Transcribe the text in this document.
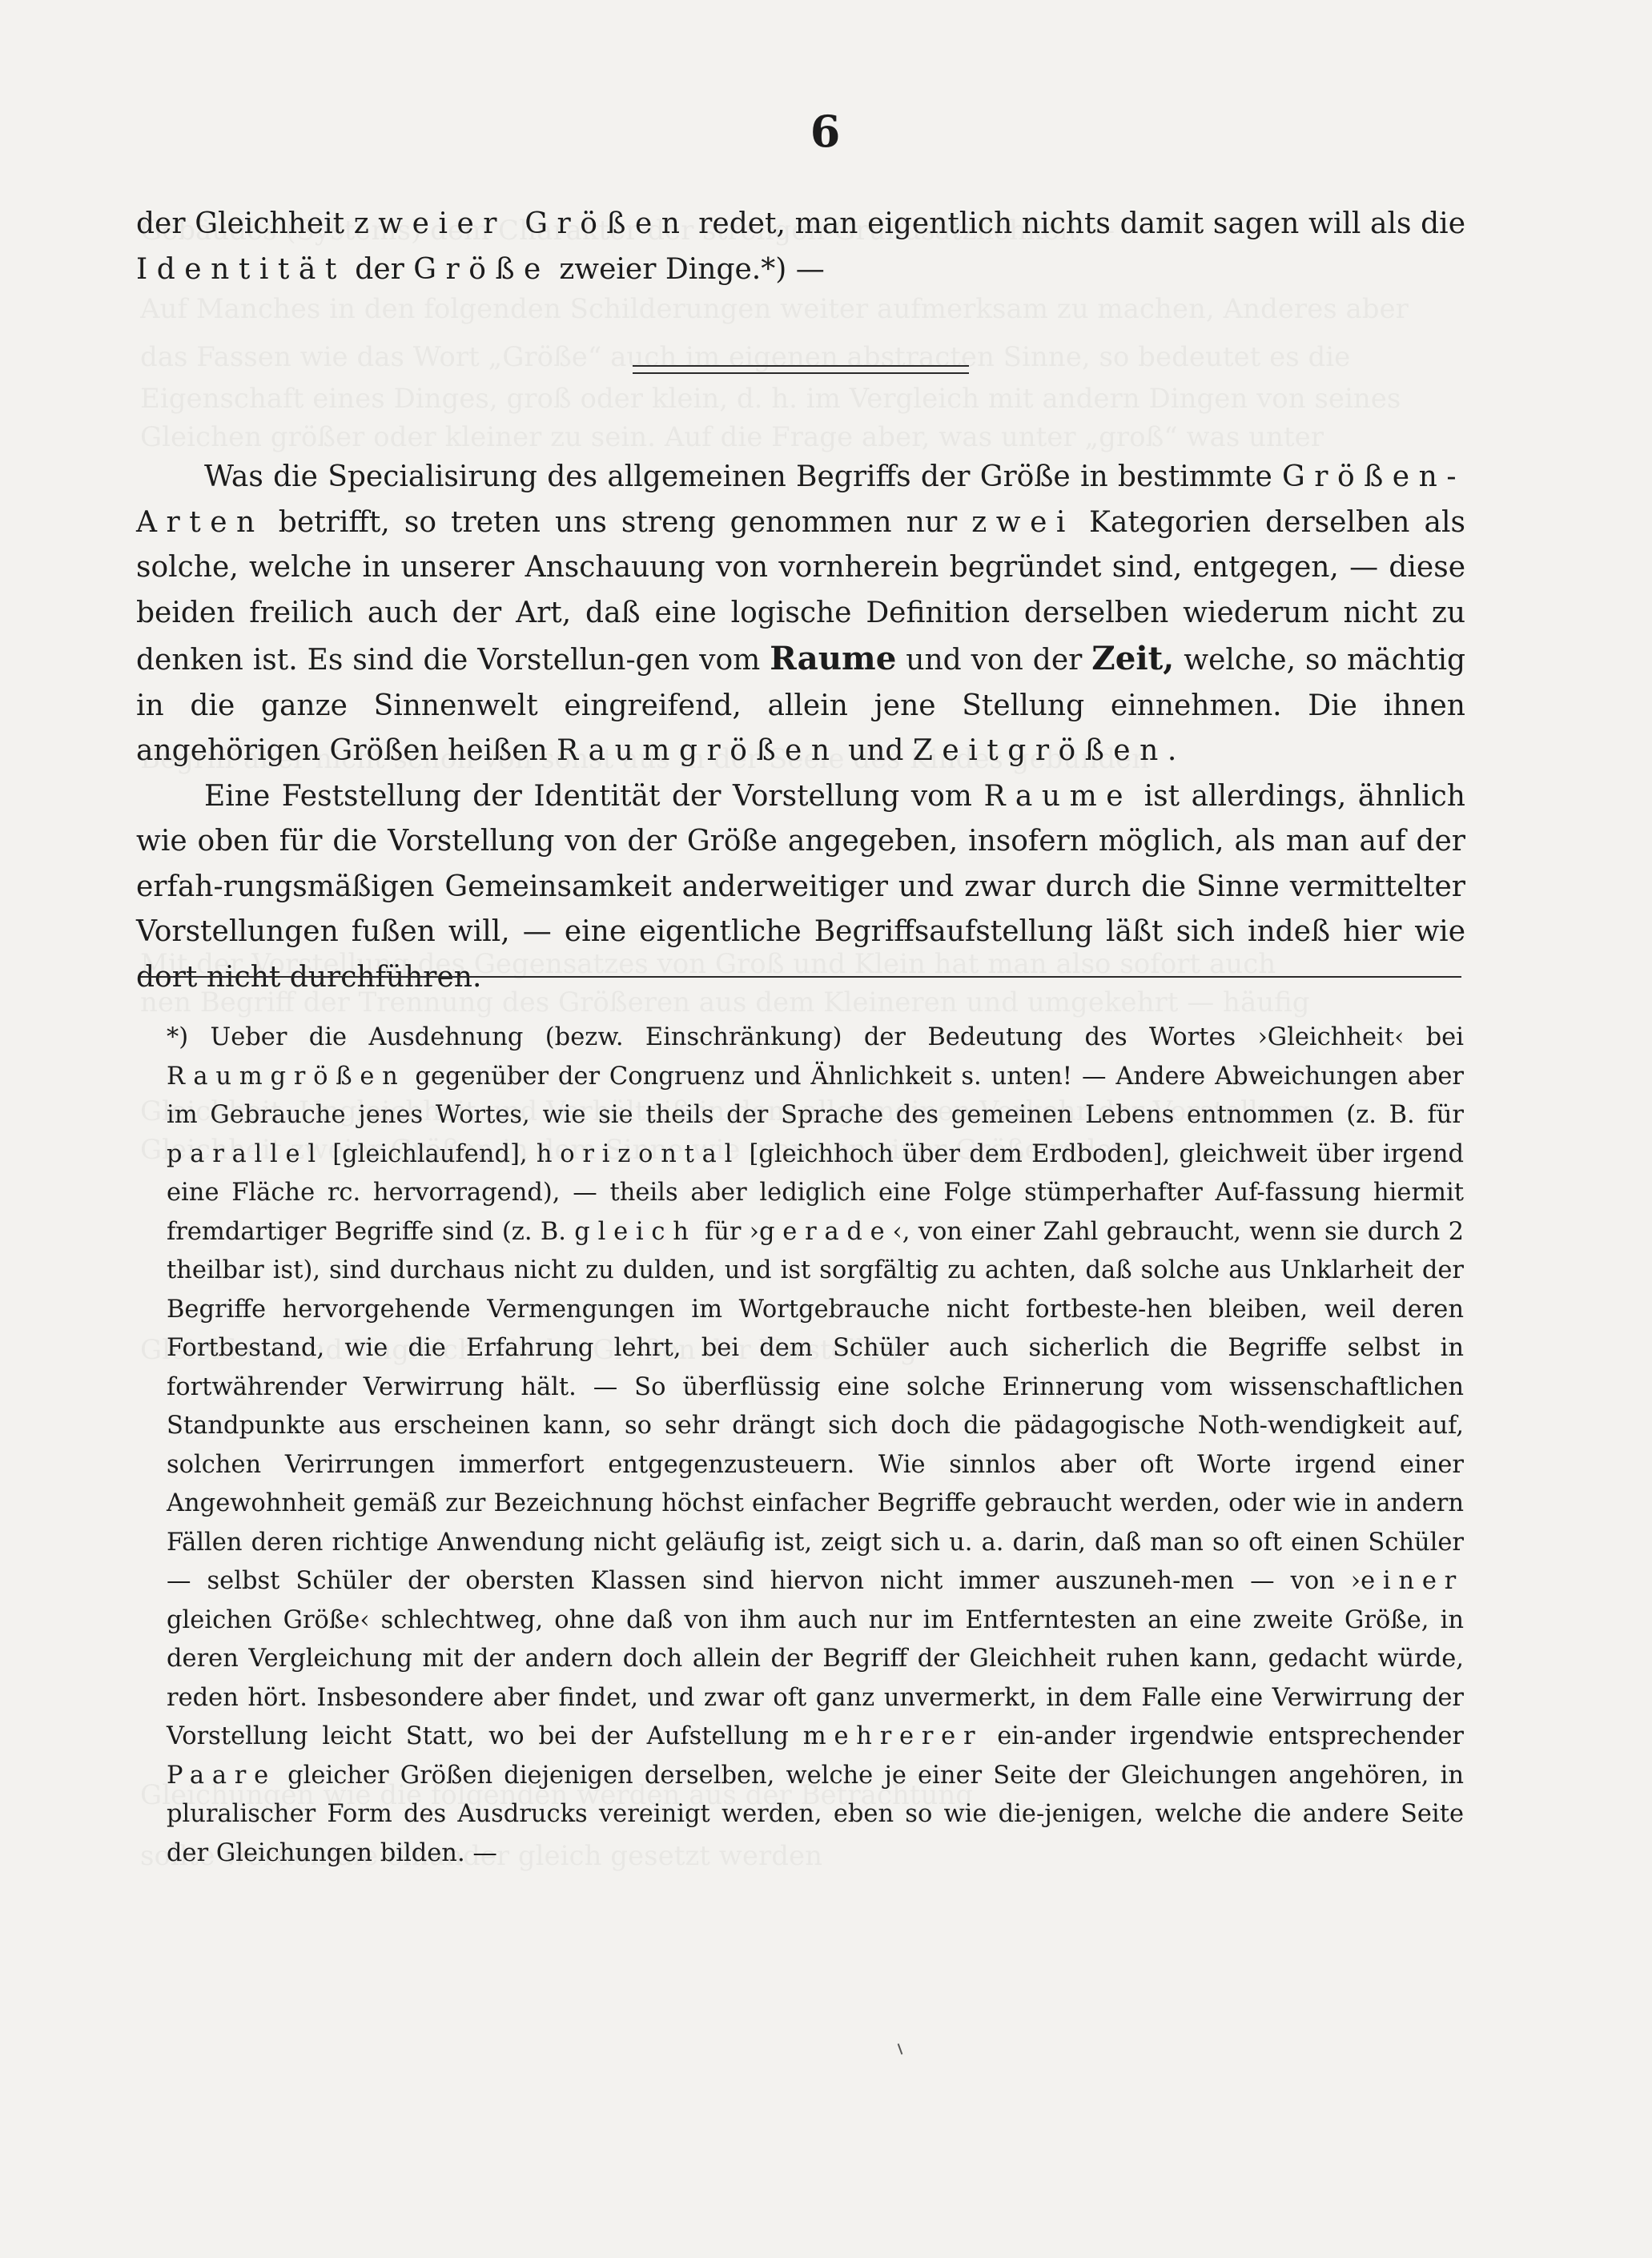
6

der Gleichheit zweier Größen redet, man eigentlich nichts damit sagen will als die Identität der Größe zweier Dinge.*) —

Was die Specialisirung des allgemeinen Begriffs der Größe in bestimmte Größen-Arten betrifft, so treten uns streng genommen nur zwei Kategorien derselben als solche, welche in unserer Anschauung von vornherein begründet sind, entgegen, — diese beiden freilich auch der Art, daß eine logische Definition derselben wiederum nicht zu denken ist. Es sind die Vorstellun-gen vom Raume und von der Zeit, welche, so mächtig in die ganze Sinnenwelt eingreifend, allein jene Stellung einnehmen. Die ihnen angehörigen Größen heißen Raumgrößen und Zeitgrößen.

Eine Feststellung der Identität der Vorstellung vom Raume ist allerdings, ähnlich wie oben für die Vorstellung von der Größe angegeben, insofern möglich, als man auf der erfah-rungsmäßigen Gemeinsamkeit anderweitiger und zwar durch die Sinne vermittelter Vorstellungen fußen will, — eine eigentliche Begriffsaufstellung läßt sich indeß hier wie dort nicht durchführen.

*) Ueber die Ausdehnung (bezw. Einschränkung) der Bedeutung des Wortes ›Gleichheit‹ bei Raumgrößen gegenüber der Congruenz und Ähnlichkeit s. unten! — Andere Abweichungen aber im Gebrauche jenes Wortes, wie sie theils der Sprache des gemeinen Lebens entnommen (z. B. für parallel [gleichlaufend], horizontal [gleichhoch über dem Erdboden], gleichweit über irgend eine Fläche rc. hervorragend), — theils aber lediglich eine Folge stümperhafter Auf-fassung hiermit fremdartiger Begriffe sind (z. B. gleich für ›gerade‹, von einer Zahl gebraucht, wenn sie durch 2 theilbar ist), sind durchaus nicht zu dulden, und ist sorgfältig zu achten, daß solche aus Unklarheit der Begriffe hervorgehende Vermengungen im Wortgebrauche nicht fortbeste-hen bleiben, weil deren Fortbestand, wie die Erfahrung lehrt, bei dem Schüler auch sicherlich die Begriffe selbst in fortwährender Verwirrung hält. — So überflüssig eine solche Erinnerung vom wissenschaftlichen Standpunkte aus erscheinen kann, so sehr drängt sich doch die pädagogische Noth-wendigkeit auf, solchen Verirrungen immerfort entgegenzusteuern. Wie sinnlos aber oft Worte irgend einer Angewohnheit gemäß zur Bezeichnung höchst einfacher Begriffe gebraucht werden, oder wie in andern Fällen deren richtige Anwendung nicht geläufig ist, zeigt sich u. a. darin, daß man so oft einen Schüler — selbst Schüler der obersten Klassen sind hiervon nicht immer auszuneh-men — von ›einer gleichen Größe‹ schlechtweg, ohne daß von ihm auch nur im Entferntesten an eine zweite Größe, in deren Vergleichung mit der andern doch allein der Begriff der Gleichheit ruhen kann, gedacht würde, reden hört. Insbesondere aber findet, und zwar oft ganz unvermerkt, in dem Falle eine Verwirrung der Vorstellung leicht Statt, wo bei der Aufstellung mehrerer ein-ander irgendwie entsprechender Paare gleicher Größen diejenigen derselben, welche je einer Seite der Gleichungen angehören, in pluralischer Form des Ausdrucks vereinigt werden, eben so wie die-jenigen, welche die andere Seite der Gleichungen bilden. —
